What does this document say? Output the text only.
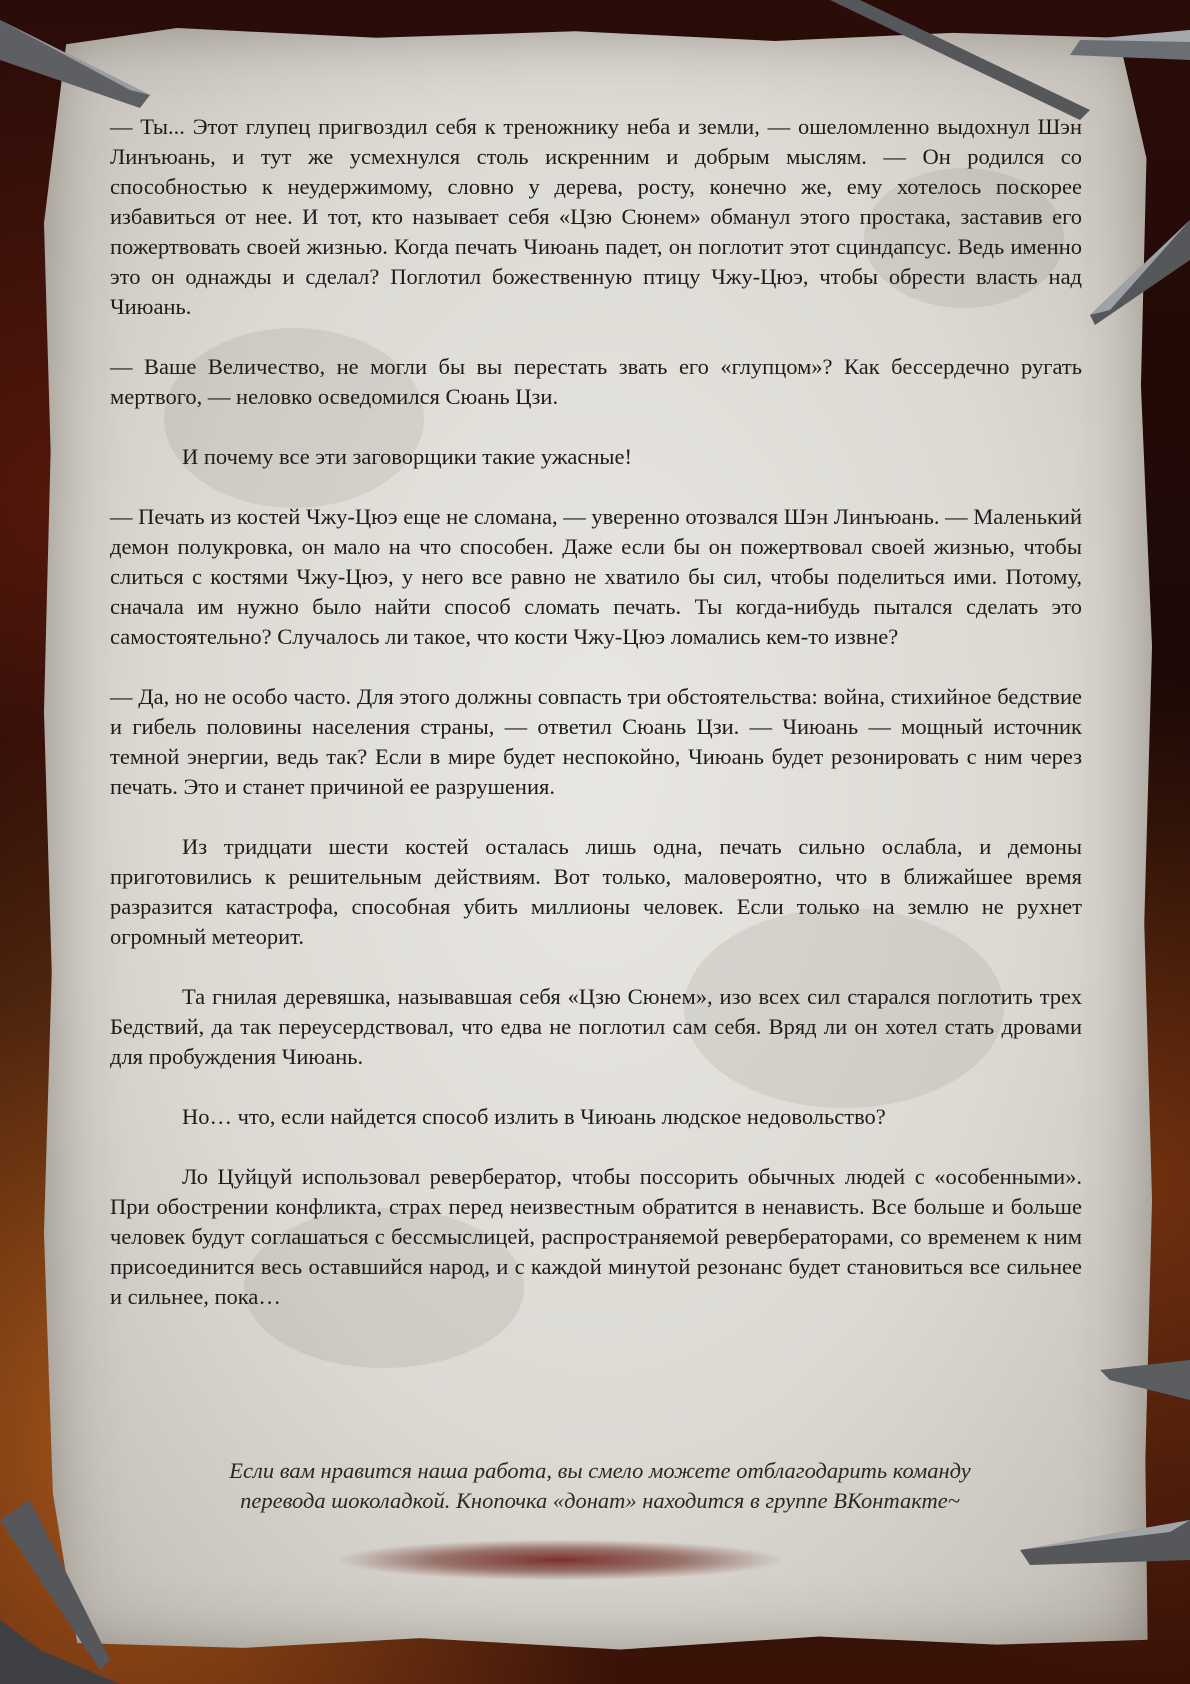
— Ты... Этот глупец пригвоздил себя к треножнику неба и земли, — ошеломленно выдохнул Шэн Линъюань, и тут же усмехнулся столь искренним и добрым мыслям. — Он родился со способностью к неудержимому, словно у дерева, росту, конечно же, ему хотелось поскорее избавиться от нее. И тот, кто называет себя «Цзю Сюнем» обманул этого простака, заставив его пожертвовать своей жизнью. Когда печать Чиюань падет, он поглотит этот сциндапсус. Ведь именно это он однажды и сделал? Поглотил божественную птицу Чжу-Цюэ, чтобы обрести власть над Чиюань.

— Ваше Величество, не могли бы вы перестать звать его «глупцом»? Как бессердечно ругать мертвого, — неловко осведомился Сюань Цзи.

И почему все эти заговорщики такие ужасные!

— Печать из костей Чжу-Цюэ еще не сломана, — уверенно отозвался Шэн Линъюань. — Маленький демон полукровка, он мало на что способен. Даже если бы он пожертвовал своей жизнью, чтобы слиться с костями Чжу-Цюэ, у него все равно не хватило бы сил, чтобы поделиться ими. Потому, сначала им нужно было найти способ сломать печать. Ты когда-нибудь пытался сделать это самостоятельно? Случалось ли такое, что кости Чжу-Цюэ ломались кем-то извне?

— Да, но не особо часто. Для этого должны совпасть три обстоятельства: война, стихийное бедствие и гибель половины населения страны, — ответил Сюань Цзи. — Чиюань — мощный источник темной энергии, ведь так? Если в мире будет неспокойно, Чиюань будет резонировать с ним через печать. Это и станет причиной ее разрушения.

Из тридцати шести костей осталась лишь одна, печать сильно ослабла, и демоны приготовились к решительным действиям. Вот только, маловероятно, что в ближайшее время разразится катастрофа, способная убить миллионы человек. Если только на землю не рухнет огромный метеорит.

Та гнилая деревяшка, называвшая себя «Цзю Сюнем», изо всех сил старался поглотить трех Бедствий, да так переусердствовал, что едва не поглотил сам себя. Вряд ли он хотел стать дровами для пробуждения Чиюань.

Но… что, если найдется способ излить в Чиюань людское недовольство?

Ло Цуйцуй использовал ревербератор, чтобы поссорить обычных людей с «особенными». При обострении конфликта, страх перед неизвестным обратится в ненависть. Все больше и больше человек будут соглашаться с бессмыслицей, распространяемой ревербераторами, со временем к ним присоединится весь оставшийся народ, и с каждой минутой резонанс будет становиться все сильнее и сильнее, пока…

Если вам нравится наша работа, вы смело можете отблагодарить команду
перевода шоколадкой. Кнопочка «донат» находится в группе ВКонтакте~
